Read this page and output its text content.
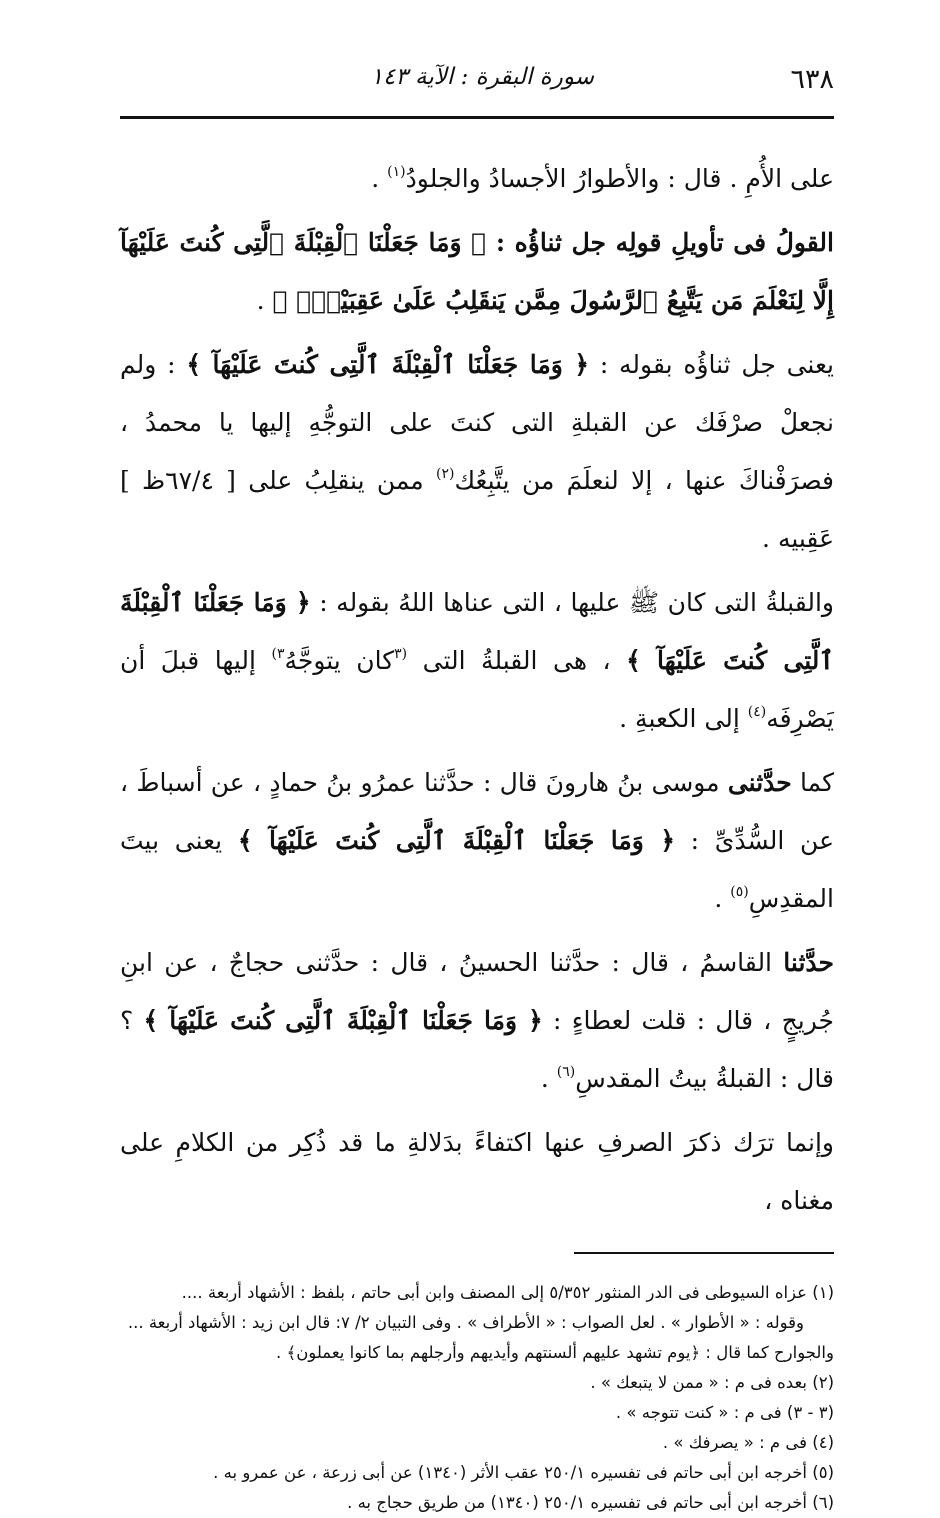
٦٣٨
سورة البقرة : الآية ١٤٣

على الأُمِ . قال : والأطوارُ الأجسادُ والجلودُ$^{(١)}$ .

القولُ فى تأويلِ قولِه جل ثناؤُه : ﴿ وَمَا جَعَلْنَا ٱلْقِبْلَةَ ٱلَّتِى كُنتَ عَلَيْهَآ إِلَّا لِنَعْلَمَ مَن يَتَّبِعُ ٱلرَّسُولَ مِمَّن يَنقَلِبُ عَلَىٰ عَقِبَيْهِۚ ﴾ .

يعنى جل ثناؤُه بقوله : ﴿ وَمَا جَعَلْنَا ٱلْقِبْلَةَ ٱلَّتِى كُنتَ عَلَيْهَآ ﴾ : ولم نجعلْ صرْفَك عن القبلةِ التى كنتَ على التوجُّهِ إليها يا محمدُ ، فصرَفْناكَ عنها ، إلا لنعلَمَ من يتَّبِعُك$^{(٢)}$ ممن ينقلِبُ على [ ٦٧/٤ظ ] عَقِبيه .

والقبلةُ التى كان ﷺ عليها ، التى عناها اللهُ بقوله : ﴿ وَمَا جَعَلْنَا ٱلْقِبْلَةَ ٱلَّتِى كُنتَ عَلَيْهَآ ﴾ ، هى القبلةُ التى $^{(٣}$كان يتوجَّهُ$^{٣)}$ إليها قبلَ أن يَصْرِفَه$^{(٤)}$ إلى الكعبةِ .

كما حدَّثنى موسى بنُ هارونَ قال : حدَّثنا عمرُو بنُ حمادٍ ، عن أسباطَ ، عن السُّدِّىِّ : ﴿ وَمَا جَعَلْنَا ٱلْقِبْلَةَ ٱلَّتِى كُنتَ عَلَيْهَآ ﴾ يعنى بيتَ المقدِسِ$^{(٥)}$ .

حدَّثنا القاسمُ ، قال : حدَّثنا الحسينُ ، قال : حدَّثنى حجاجٌ ، عن ابنِ جُريجٍ ، قال : قلت لعطاءٍ : ﴿ وَمَا جَعَلْنَا ٱلْقِبْلَةَ ٱلَّتِى كُنتَ عَلَيْهَآ ﴾ ؟ قال : القبلةُ بيتُ المقدسِ$^{(٦)}$ .

وإنما ترَك ذكرَ الصرفِ عنها اكتفاءً بدَلالةِ ما قد ذُكِر من الكلامِ على مغناه ،

(١) عزاه السيوطى فى الدر المنثور ٥/٣٥٢ إلى المصنف وابن أبى حاتم ، بلفظ : الأشهاد أربعة ....

وقوله : « الأطوار » . لعل الصواب : « الأطراف » . وفى التبيان ٢/ ٧: قال ابن زيد : الأشهاد أربعة ...

والجوارح كما قال : ﴿يوم تشهد عليهم ألسنتهم وأيديهم وأرجلهم بما كانوا يعملون﴾ .

(٢) بعده فى م : « ممن لا يتبعك » .

(٣ - ٣) فى م : « كنت تتوجه » .

(٤) فى م : « يصرفك » .

(٥) أخرجه ابن أبى حاتم فى تفسيره ٢٥٠/١ عقب الأثر (١٣٤٠) عن أبى زرعة ، عن عمرو به .

(٦) أخرجه ابن أبى حاتم فى تفسيره ٢٥٠/١ (١٣٤٠) من طريق حجاج به .
